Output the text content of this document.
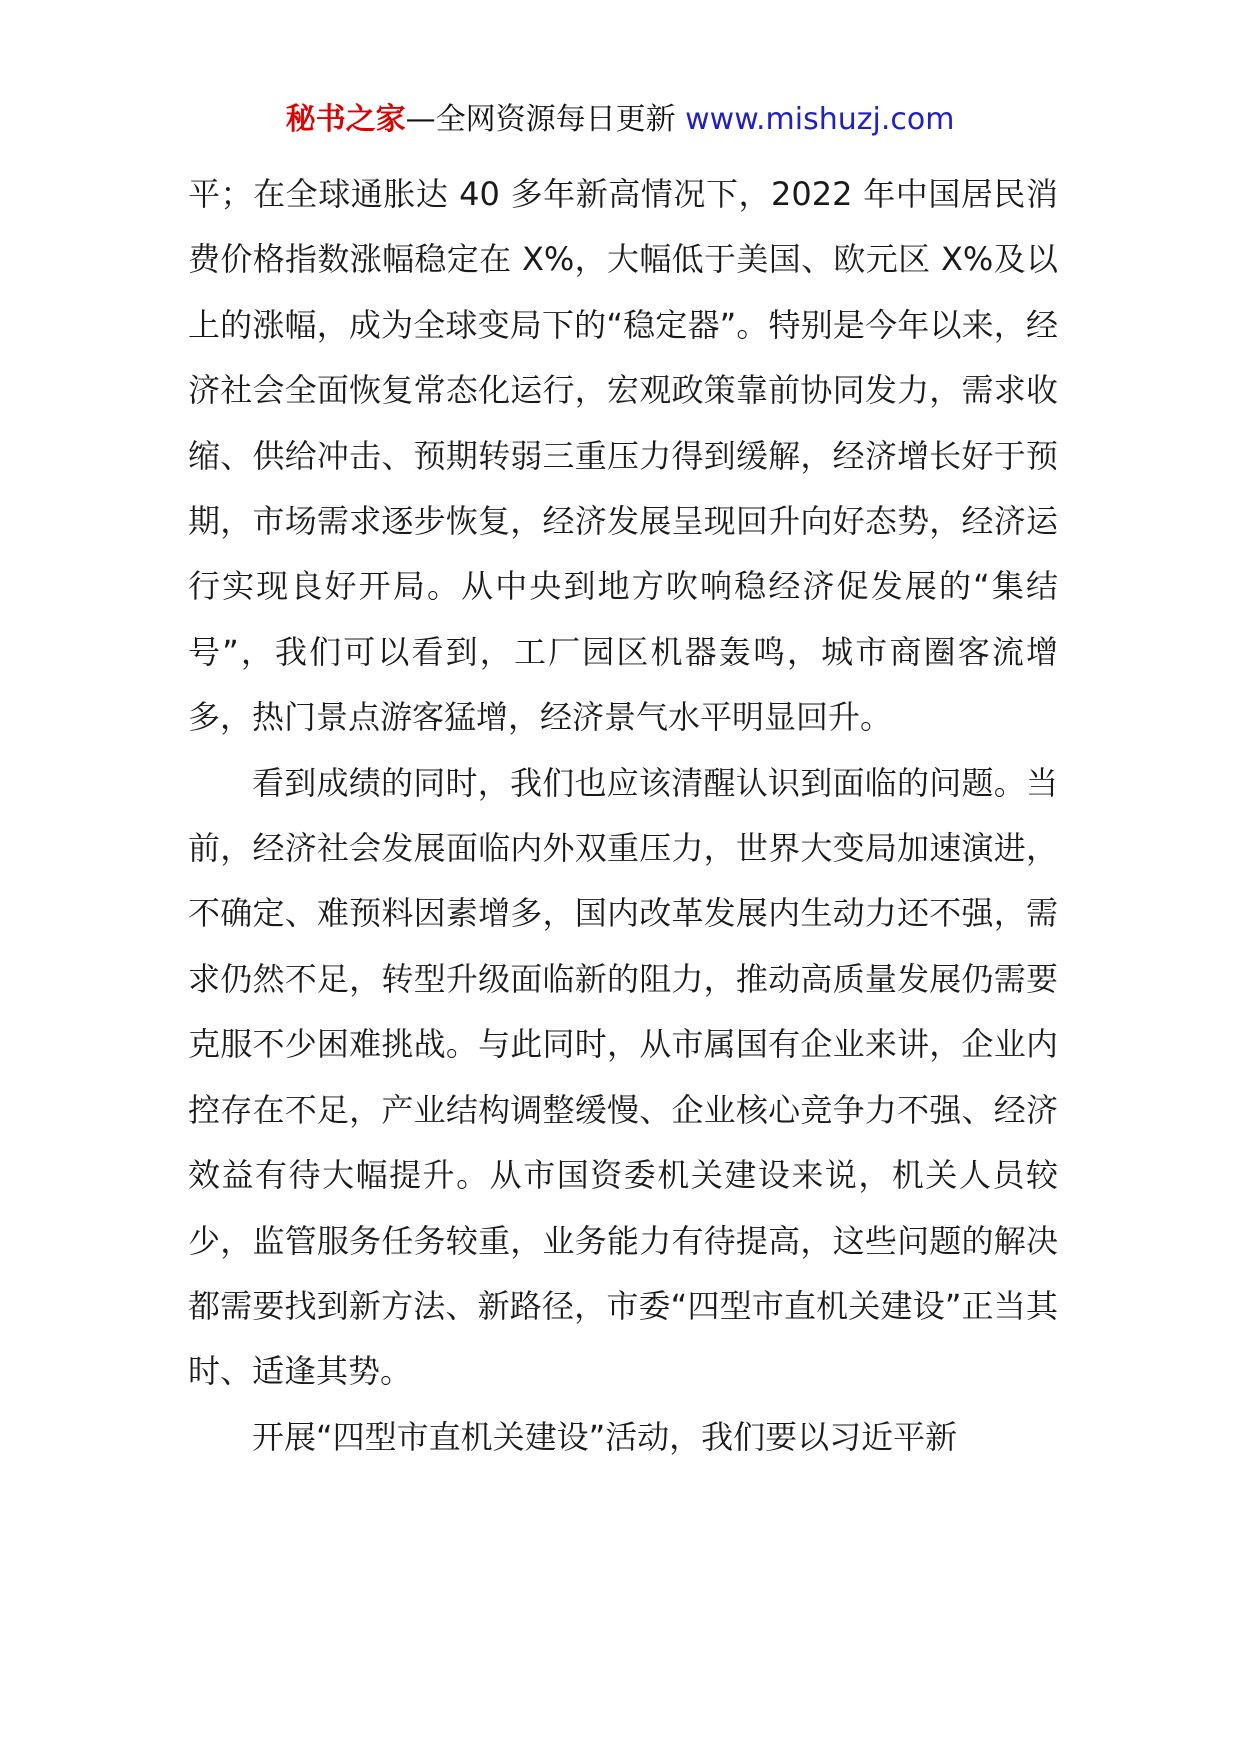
秘书之家—全网资源每日更新 www.mishuzj.com

平；在全球通胀达 40 多年新高情况下，2022 年中国居民消费价格指数涨幅稳定在 X%，大幅低于美国、欧元区 X%及以上的涨幅，成为全球变局下的“稳定器”。特别是今年以来，经济社会全面恢复常态化运行，宏观政策靠前协同发力，需求收缩、供给冲击、预期转弱三重压力得到缓解，经济增长好于预期，市场需求逐步恢复，经济发展呈现回升向好态势，经济运行实现良好开局。从中央到地方吹响稳经济促发展的“集结号”，我们可以看到，工厂园区机器轰鸣，城市商圈客流增多，热门景点游客猛增，经济景气水平明显回升。

看到成绩的同时，我们也应该清醒认识到面临的问题。当前，经济社会发展面临内外双重压力，世界大变局加速演进，不确定、难预料因素增多，国内改革发展内生动力还不强，需求仍然不足，转型升级面临新的阻力，推动高质量发展仍需要克服不少困难挑战。与此同时，从市属国有企业来讲，企业内控存在不足，产业结构调整缓慢、企业核心竞争力不强、经济效益有待大幅提升。从市国资委机关建设来说，机关人员较少，监管服务任务较重，业务能力有待提高，这些问题的解决都需要找到新方法、新路径，市委“四型市直机关建设”正当其时、适逢其势。

开展“四型市直机关建设”活动，我们要以习近平新
